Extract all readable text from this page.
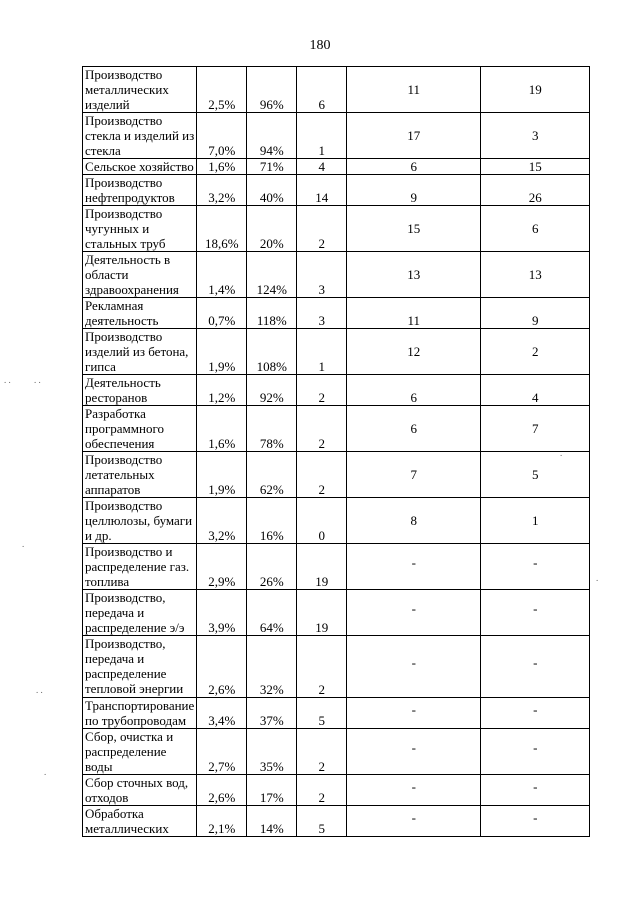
180
Производство
металлических
изделий	2,5%	96%	6	11	19

Производство
стекла и изделий из
стекла	7,0%	94%	1	17	3

Сельское хозяйство	1,6%	71%	4	6	15

Производство
нефтепродуктов	3,2%	40%	14	9	26

Производство
чугунных и
стальных труб	18,6%	20%	2	15	6

Деятельность в
области
здравоохранения	1,4%	124%	3	13	13

Рекламная
деятельность	0,7%	118%	3	11	9

Производство
изделий из бетона,
гипса	1,9%	108%	1	12	2

Деятельность
ресторанов	1,2%	92%	2	6	4

Разработка
программного
обеспечения	1,6%	78%	2	6	7

Производство
летательных
аппаратов	1,9%	62%	2	7	5

Производство
целлюлозы, бумаги
и др.	3,2%	16%	0	8	1

Производство и
распределение газ.
топлива	2,9%	26%	19	-	-

Производство,
передача и
распределение э/э	3,9%	64%	19	-	-

Производство,
передача и
распределение
тепловой энергии	2,6%	32%	2	-	-

Транспортирование
по трубопроводам	3,4%	37%	5	-	-

Сбор, очистка и
распределение
воды	2,7%	35%	2	-	-

Сбор сточных вод,
отходов	2,6%	17%	2	-	-

Обработка
металлических	2,1%	14%	5	-	-
. .	. .
.
. .
.
.
.
